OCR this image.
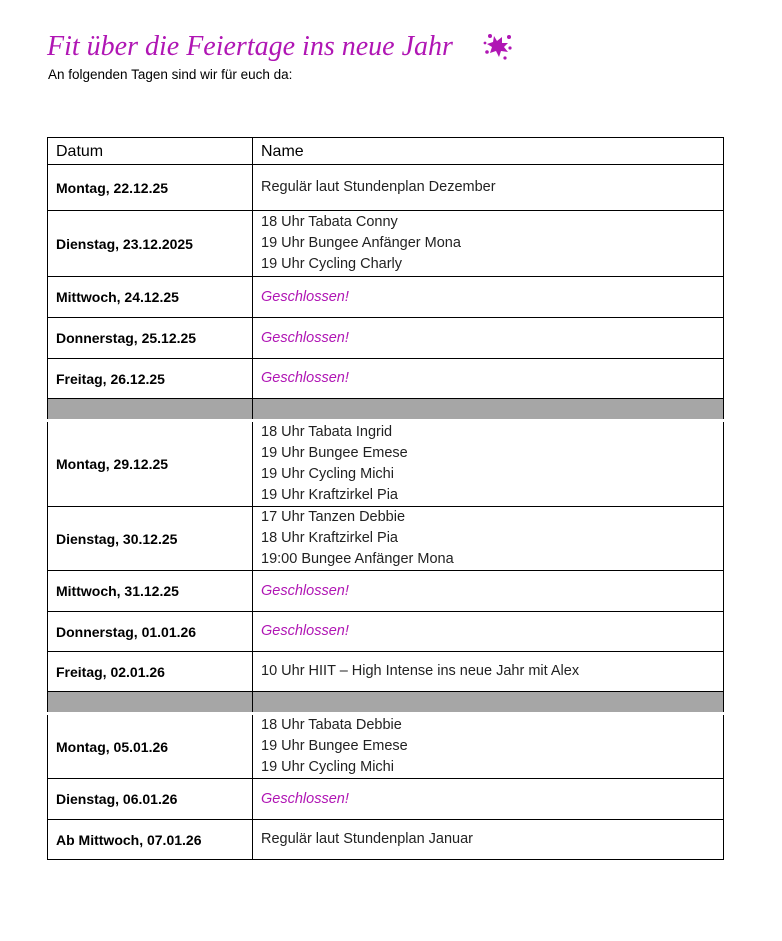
Fit über die Feiertage ins neue Jahr
An folgenden Tagen sind wir für euch da:
Datum	Name
Montag, 22.12.25	Regulär laut Stundenplan Dezember

Dienstag, 23.12.2025	18 Uhr Tabata Conny
19 Uhr Bungee Anfänger Mona
19 Uhr Cycling Charly

Mittwoch, 24.12.25	Geschlossen!

Donnerstag, 25.12.25	Geschlossen!

Freitag, 26.12.25	Geschlossen!

Montag, 29.12.25	18 Uhr Tabata Ingrid
19 Uhr Bungee Emese
19 Uhr Cycling Michi
19 Uhr Kraftzirkel Pia

Dienstag, 30.12.25	17 Uhr Tanzen Debbie
18 Uhr Kraftzirkel Pia
19:00 Bungee Anfänger Mona

Mittwoch, 31.12.25	Geschlossen!

Donnerstag, 01.01.26	Geschlossen!

Freitag, 02.01.26	10 Uhr HIIT – High Intense ins neue Jahr mit Alex

Montag, 05.01.26	18 Uhr Tabata Debbie
19 Uhr Bungee Emese
19 Uhr Cycling Michi

Dienstag, 06.01.26	Geschlossen!

Ab Mittwoch, 07.01.26	Regulär laut Stundenplan Januar
